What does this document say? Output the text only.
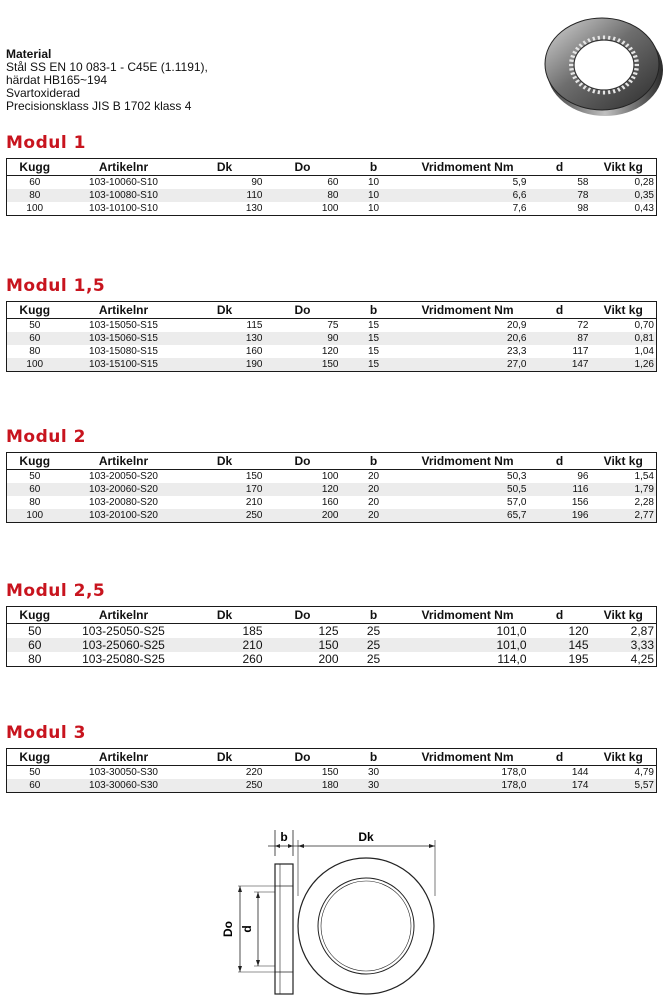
Material
Stål SS EN 10 083-1 - C45E (1.1191),
härdat HB165~194
Svartoxiderad
Precisionsklass JIS B 1702 klass 4
Modul 1
Kugg	Artikelnr	Dk	Do	b	Vridmoment Nm	d	Vikt kg
60	103-10060-S10	90	60	10	5,9	58	0,28
80	103-10080-S10	110	80	10	6,6	78	0,35
100	103-10100-S10	130	100	10	7,6	98	0,43
Modul 1,5
Kugg	Artikelnr	Dk	Do	b	Vridmoment Nm	d	Vikt kg
50	103-15050-S15	115	75	15	20,9	72	0,70
60	103-15060-S15	130	90	15	20,6	87	0,81
80	103-15080-S15	160	120	15	23,3	117	1,04
100	103-15100-S15	190	150	15	27,0	147	1,26
Modul 2
Kugg	Artikelnr	Dk	Do	b	Vridmoment Nm	d	Vikt kg
50	103-20050-S20	150	100	20	50,3	96	1,54
60	103-20060-S20	170	120	20	50,5	116	1,79
80	103-20080-S20	210	160	20	57,0	156	2,28
100	103-20100-S20	250	200	20	65,7	196	2,77
Modul 2,5
Kugg	Artikelnr	Dk	Do	b	Vridmoment Nm	d	Vikt kg
50	103-25050-S25	185	125	25	101,0	120	2,87
60	103-25060-S25	210	150	25	101,0	145	3,33
80	103-25080-S25	260	200	25	114,0	195	4,25
Modul 3
Kugg	Artikelnr	Dk	Do	b	Vridmoment Nm	d	Vikt kg
50	103-30050-S30	220	150	30	178,0	144	4,79
60	103-30060-S30	250	180	30	178,0	174	5,57
b	Dk
Do d
